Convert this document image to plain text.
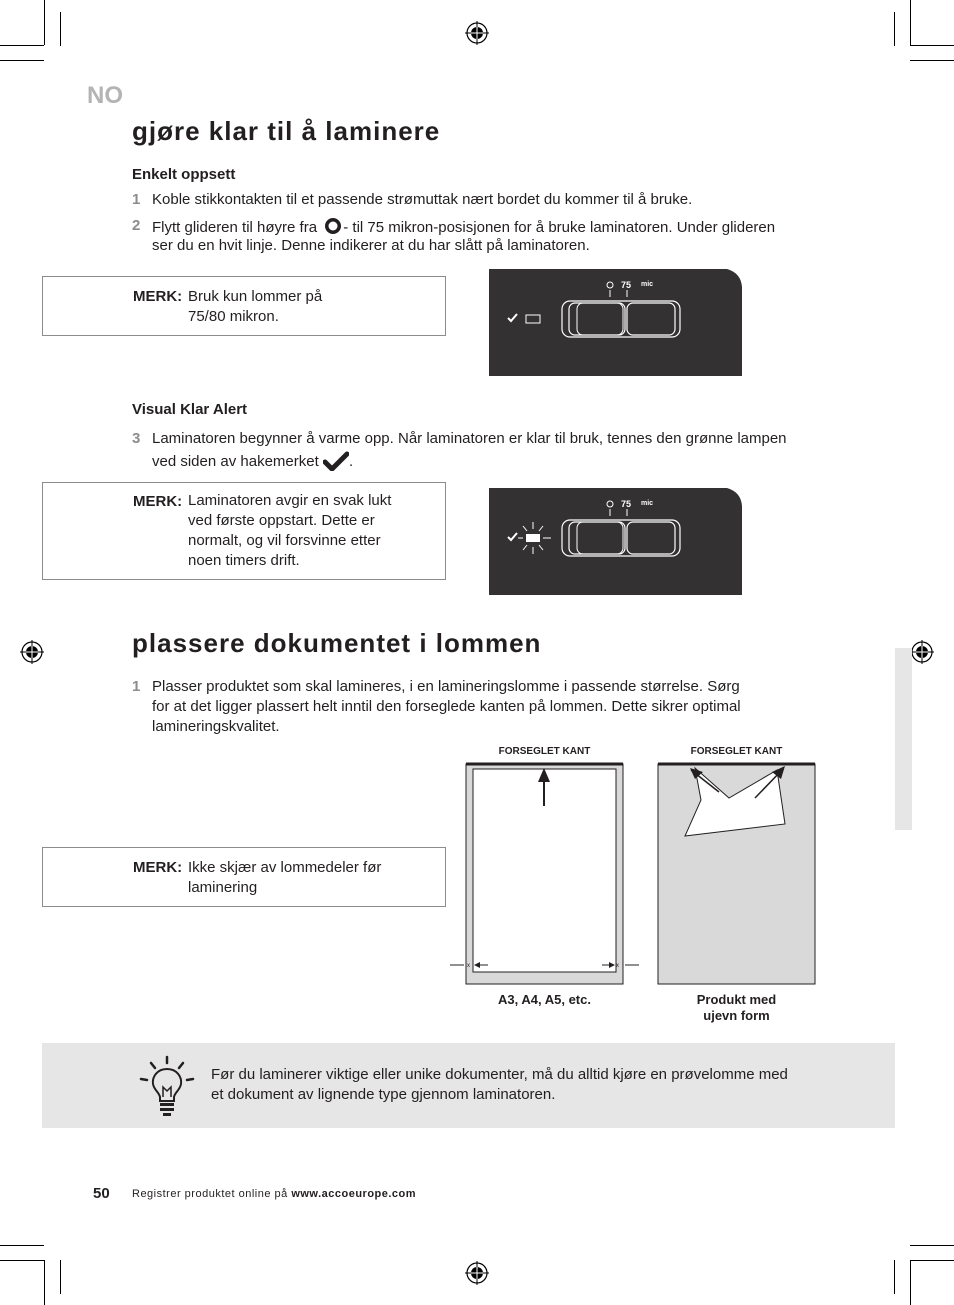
NO
gjøre klar til å laminere
Enkelt oppsett
1 Koble stikkontakten til et passende strømuttak nært bordet du kommer til å bruke.
2 Flytt glideren til høyre fra - til 75 mikron-posisjonen for å bruke laminatoren. Under glideren
ser du en hvit linje. Denne indikerer at du har slått på laminatoren.
MERK: Bruk kun lommer på
75/80 mikron.
75 mic
Visual Klar Alert
3 Laminatoren begynner å varme opp. Når laminatoren er klar til bruk, tennes den grønne lampen
ved siden av hakemerket .
MERK: Laminatoren avgir en svak lukt
ved første oppstart. Dette er
normalt, og vil forsvinne etter
noen timers drift.
75 mic
plassere dokumentet i lommen
1 Plasser produktet som skal lamineres, i en lamineringslomme i passende størrelse. Sørg
for at det ligger plassert helt inntil den forseglede kanten på lommen. Dette sikrer optimal
lamineringskvalitet.
MERK: Ikke skjær av lommedeler før
laminering
FORSEGLET KANT
x	x
A3, A4, A5, etc.
FORSEGLET KANT
Produkt med
ujevn form
Før du laminerer viktige eller unike dokumenter, må du alltid kjøre en prøvelomme med
et dokument av lignende type gjennom laminatoren.
50 Registrer produktet online på www.accoeurope.com
